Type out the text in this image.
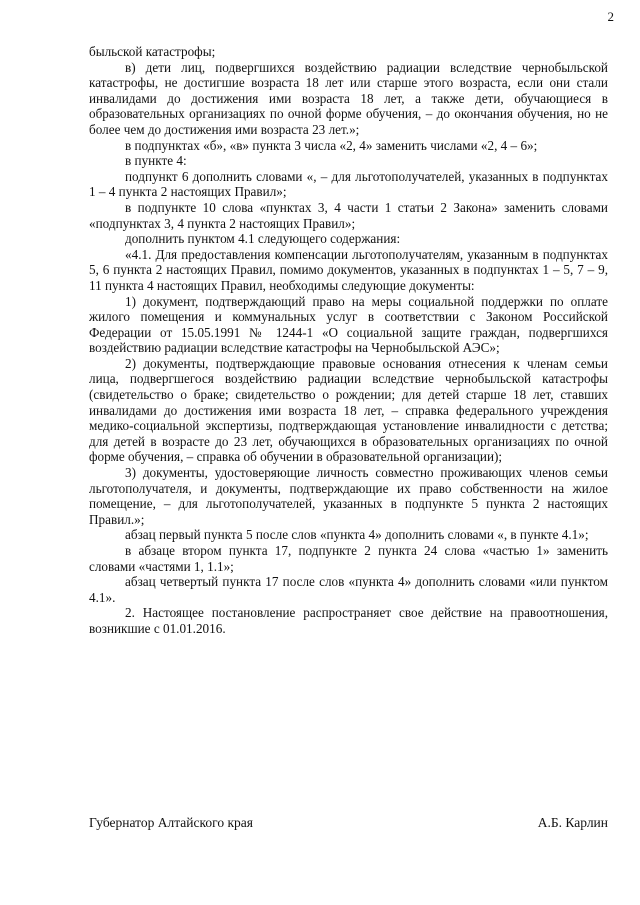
2

быльской катастрофы;

в) дети лиц, подвергшихся воздействию радиации вследствие чернобыльской катастрофы, не достигшие возраста 18 лет или старше этого возраста, если они стали инвалидами до достижения ими возраста 18 лет, а также дети, обучающиеся в образовательных организациях по очной форме обучения, – до окончания обучения, но не более чем до достижения ими возраста 23 лет.»;

в подпунктах «б», «в» пункта 3 числа «2, 4» заменить числами «2, 4 – 6»;

в пункте 4:

подпункт 6 дополнить словами «, – для льготополучателей, указанных в подпунктах 1 – 4 пункта 2 настоящих Правил»;

в подпункте 10 слова «пунктах 3, 4 части 1 статьи 2 Закона» заменить словами «подпунктах 3, 4 пункта 2 настоящих Правил»;

дополнить пунктом 4.1 следующего содержания:

«4.1. Для предоставления компенсации льготополучателям, указанным в подпунктах 5, 6 пункта 2 настоящих Правил, помимо документов, указанных в подпунктах 1 – 5, 7 – 9, 11 пункта 4 настоящих Правил, необходимы следующие документы:

1) документ, подтверждающий право на меры социальной поддержки по оплате жилого помещения и коммунальных услуг в соответствии с Законом Российской Федерации от 15.05.1991 № 1244-1 «О социальной защите граждан, подвергшихся воздействию радиации вследствие катастрофы на Чернобыльской АЭС»;

2) документы, подтверждающие правовые основания отнесения к членам семьи лица, подвергшегося воздействию радиации вследствие чернобыльской катастрофы (свидетельство о браке; свидетельство о рождении; для детей старше 18 лет, ставших инвалидами до достижения ими возраста 18 лет, – справка федерального учреждения медико-социальной экспертизы, подтверждающая установление инвалидности с детства; для детей в возрасте до 23 лет, обучающихся в образовательных организациях по очной форме обучения, – справка об обучении в образовательной организации);

3) документы, удостоверяющие личность совместно проживающих членов семьи льготополучателя, и документы, подтверждающие их право собственности на жилое помещение, – для льготополучателей, указанных в подпункте 5 пункта 2 настоящих Правил.»;

абзац первый пункта 5 после слов «пункта 4» дополнить словами «, в пункте 4.1»;

в абзаце втором пункта 17, подпункте 2 пункта 24 слова «частью 1» заменить словами «частями 1, 1.1»;

абзац четвертый пункта 17 после слов «пункта 4» дополнить словами «или пунктом 4.1».

2. Настоящее постановление распространяет свое действие на правоотношения, возникшие с 01.01.2016.

Губернатор Алтайского края	А.Б. Карлин
